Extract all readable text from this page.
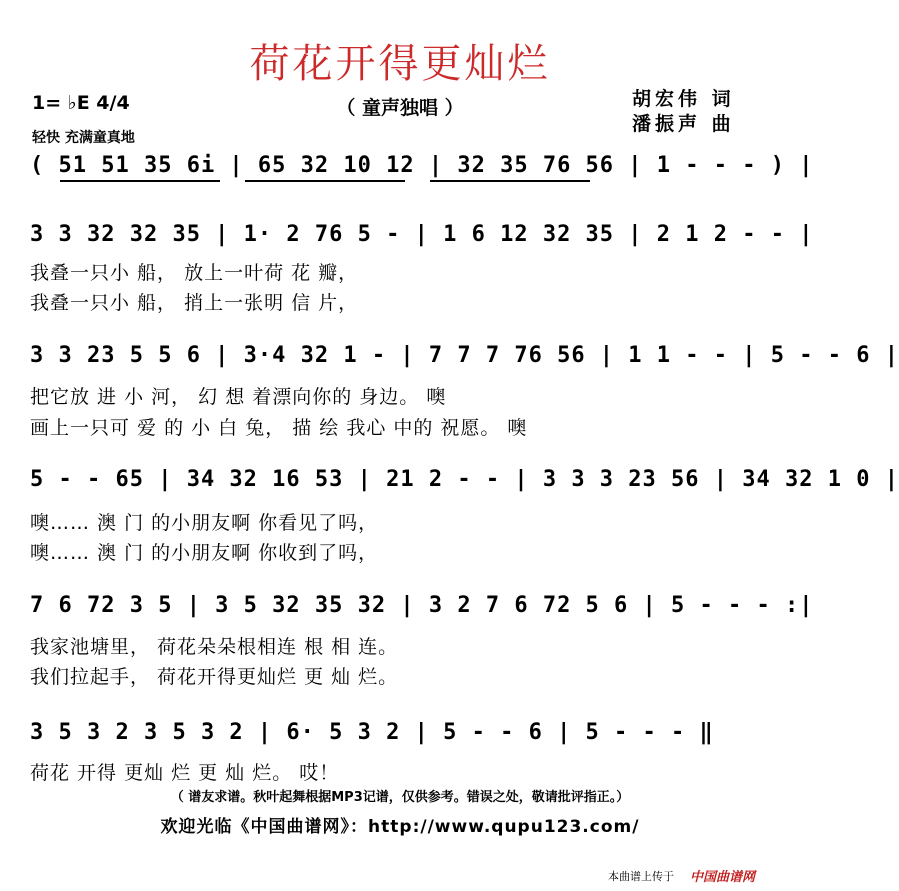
荷花开得更灿烂
（ 童声独唱 ）
1= ♭E 4/4
轻快 充满童真地
胡宏伟 词
潘振声 曲
( 51 51 35 6i | 65 32 10 12 | 32 35 76 56 | 1 - - - ) |
3 3 32 32 35 | 1· 2 76 5 - | 1 6 12 32 35 | 2 1 2 - - |
我叠一只小 船， 放上一叶荷 花 瓣，
我叠一只小 船， 捎上一张明 信 片，
3 3 23 5 5 6 | 3·4 32 1 - | 7 7 7 76 56 | 1 1 - - | 5 - - 6 |
把它放 进 小 河， 幻 想 着漂向你的 身边。 噢
画上一只可 爱 的 小 白 兔， 描 绘 我心 中的 祝愿。 噢
5 - - 65 | 34 32 16 53 | 21 2 - - | 3 3 3 23 56 | 34 32 1 0 |
噢…… 澳 门 的小朋友啊 你看见了吗，
噢…… 澳 门 的小朋友啊 你收到了吗，
7 6 72 3 5 | 3 5 32 35 32 | 3 2 7 6 72 5 6 | 5 - - - :|
我家池塘里， 荷花朵朵根相连 根 相 连。
我们拉起手， 荷花开得更灿烂 更 灿 烂。
3 5 3 2 3 5 3 2 | 6· 5 3 2 | 5 - - 6 | 5 - - - ‖
荷花 开得 更灿 烂 更 灿 烂。 哎！
（ 谱友求谱。秋叶起舞根据MP3记谱，仅供参考。错误之处，敬请批评指正。）
欢迎光临《中国曲谱网》：http://www.qupu123.com/
本曲谱上传于 中国曲谱网
